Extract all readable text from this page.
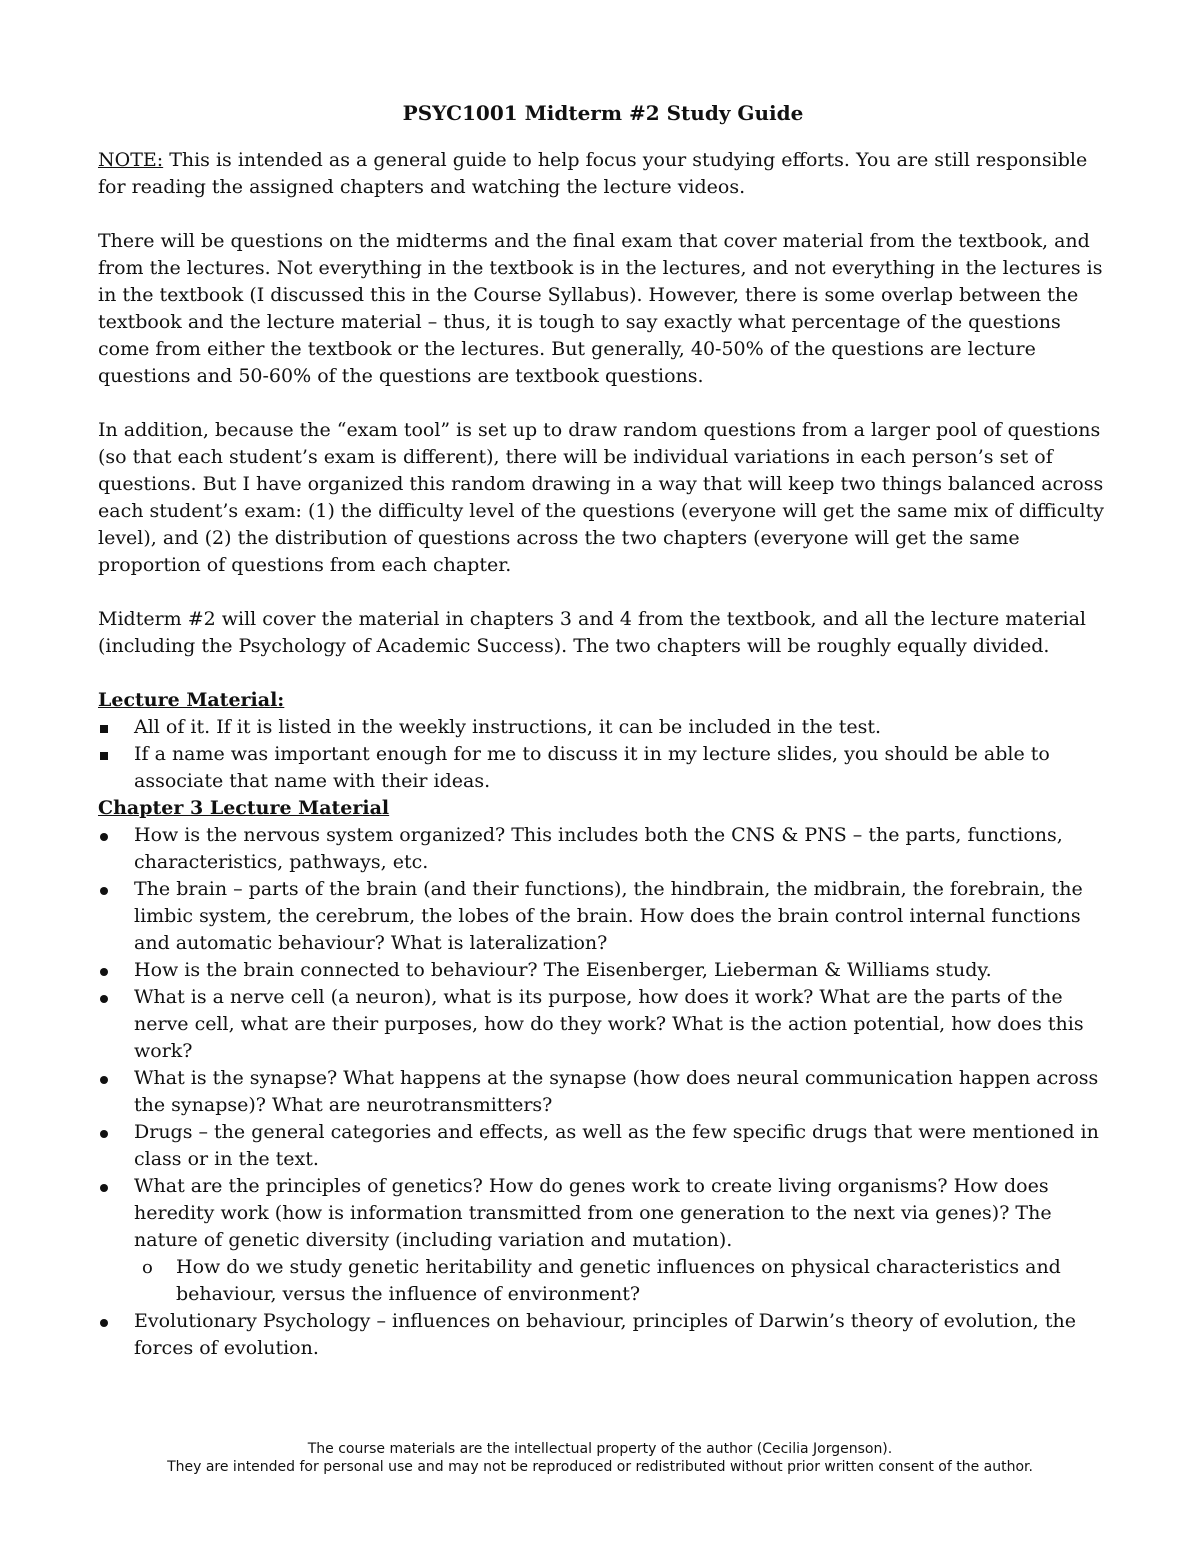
PSYC1001 Midterm #2 Study Guide

NOTE: This is intended as a general guide to help focus your studying efforts. You are still responsible for reading the assigned chapters and watching the lecture videos.

There will be questions on the midterms and the final exam that cover material from the textbook, and from the lectures. Not everything in the textbook is in the lectures, and not everything in the lectures is in the textbook (I discussed this in the Course Syllabus). However, there is some overlap between the textbook and the lecture material – thus, it is tough to say exactly what percentage of the questions come from either the textbook or the lectures. But generally, 40-50% of the questions are lecture questions and 50-60% of the questions are textbook questions.

In addition, because the “exam tool” is set up to draw random questions from a larger pool of questions (so that each student’s exam is different), there will be individual variations in each person’s set of questions. But I have organized this random drawing in a way that will keep two things balanced across each student’s exam: (1) the difficulty level of the questions (everyone will get the same mix of difficulty level), and (2) the distribution of questions across the two chapters (everyone will get the same proportion of questions from each chapter.

Midterm #2 will cover the material in chapters 3 and 4 from the textbook, and all the lecture material (including the Psychology of Academic Success). The two chapters will be roughly equally divided.

Lecture Material:
All of it. If it is listed in the weekly instructions, it can be included in the test.
If a name was important enough for me to discuss it in my lecture slides, you should be able to associate that name with their ideas.
Chapter 3 Lecture Material
How is the nervous system organized? This includes both the CNS & PNS – the parts, functions, characteristics, pathways, etc.
The brain – parts of the brain (and their functions), the hindbrain, the midbrain, the forebrain, the limbic system, the cerebrum, the lobes of the brain. How does the brain control internal functions and automatic behaviour? What is lateralization?
How is the brain connected to behaviour? The Eisenberger, Lieberman & Williams study.
What is a nerve cell (a neuron), what is its purpose, how does it work? What are the parts of the nerve cell, what are their purposes, how do they work? What is the action potential, how does this work?
What is the synapse? What happens at the synapse (how does neural communication happen across the synapse)? What are neurotransmitters?
Drugs – the general categories and effects, as well as the few specific drugs that were mentioned in class or in the text.
What are the principles of genetics? How do genes work to create living organisms? How does heredity work (how is information transmitted from one generation to the next via genes)? The nature of genetic diversity (including variation and mutation).
o	How do we study genetic heritability and genetic influences on physical characteristics and behaviour, versus the influence of environment?
Evolutionary Psychology – influences on behaviour, principles of Darwin’s theory of evolution, the forces of evolution.
The course materials are the intellectual property of the author (Cecilia Jorgenson).
They are intended for personal use and may not be reproduced or redistributed without prior written consent of the author.
